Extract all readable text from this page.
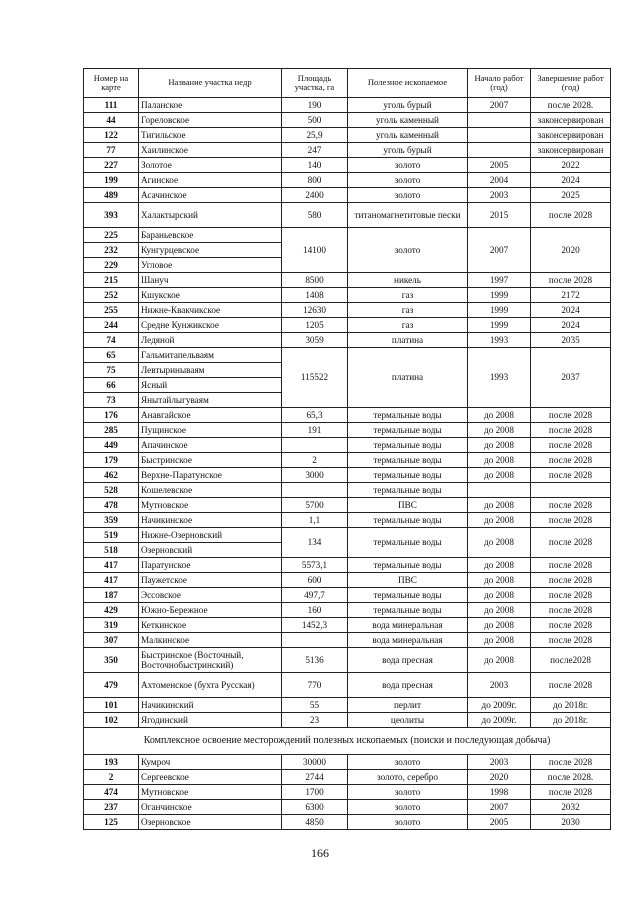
Номер на карте	Название участка недр	Площадь участка, га	Полезное ископаемое	Начало работ (год)	Завершение работ (год)
111	Паланское	190	уголь бурый	2007	после 2028.
44	Гореловское	500	уголь каменный		законсервирован
122	Тигильское	25,9	уголь каменный		законсервирован
77	Хаилинское	247	уголь бурый		законсервирован
227	Золотое	140	золото	2005	2022
199	Агинское	800	золото	2004	2024
489	Асачинское	2400	золото	2003	2025
393	Халактырский	580	титаномагнетитовые пески	2015	после 2028
225	Бараньевское	14100	золото	2007	2020
232	Кунгурцевское				
229	Угловое				
215	Шануч	8500	никель	1997	после 2028
252	Кшукское	1408	газ	1999	2172
255	Нижне-Квакчикское	12630	газ	1999	2024
244	Средне Кунжикское	1205	газ	1999	2024
74	Ледяной	3059	платина	1993	2035
65	Гальмитапельваям	115522	платина	1993	2037
75	Левтыринываям				
66	Ясный				
73	Янытайлыгуваям				
176	Анавгайское	65,3	термальные воды	до 2008	после 2028
285	Пущинское	191	термальные воды	до 2008	после 2028
449	Апачинское		термальные воды	до 2008	после 2028
179	Быстринское	2	термальные воды	до 2008	после 2028
462	Верхне-Паратунское	3000	термальные воды	до 2008	после 2028
528	Кошелевское		термальные воды		
478	Мутновское	5700	ПВС	до 2008	после 2028
359	Начикинское	1,1	термальные воды	до 2008	после 2028
519	Нижне-Озерновский	134	термальные воды	до 2008	после 2028
518	Озерновский				
417	Паратунское	5573,1	термальные воды	до 2008	после 2028
417	Паужетское	600	ПВС	до 2008	после 2028
187	Эссовское	497,7	термальные воды	до 2008	после 2028
429	Южно-Бережное	160	термальные воды	до 2008	после 2028
319	Кеткинское	1452,3	вода минеральная	до 2008	после 2028
307	Малкинское		вода минеральная	до 2008	после 2028
350	Быстринское (Восточный, Восточнобыстринский)	5136	вода пресная	до 2008	после2028
479	Ахтоменское (бухта Русская)	770	вода пресная	2003	после 2028
101	Начикинский	55	перлит	до 2009г.	до 2018г.
102	Ягодинский	23	цеолиты	до 2009г.	до 2018г.
Комплексное освоение месторождений полезных ископаемых (поиски и последующая добыча)					
193	Кумроч	30000	золото	2003	после 2028
2	Сергеевское	2744	золото, серебро	2020	после 2028.
474	Мутновское	1700	золото	1998	после 2028
237	Оганчинское	6300	золото	2007	2032
125	Озерновское	4850	золото	2005	2030
166
